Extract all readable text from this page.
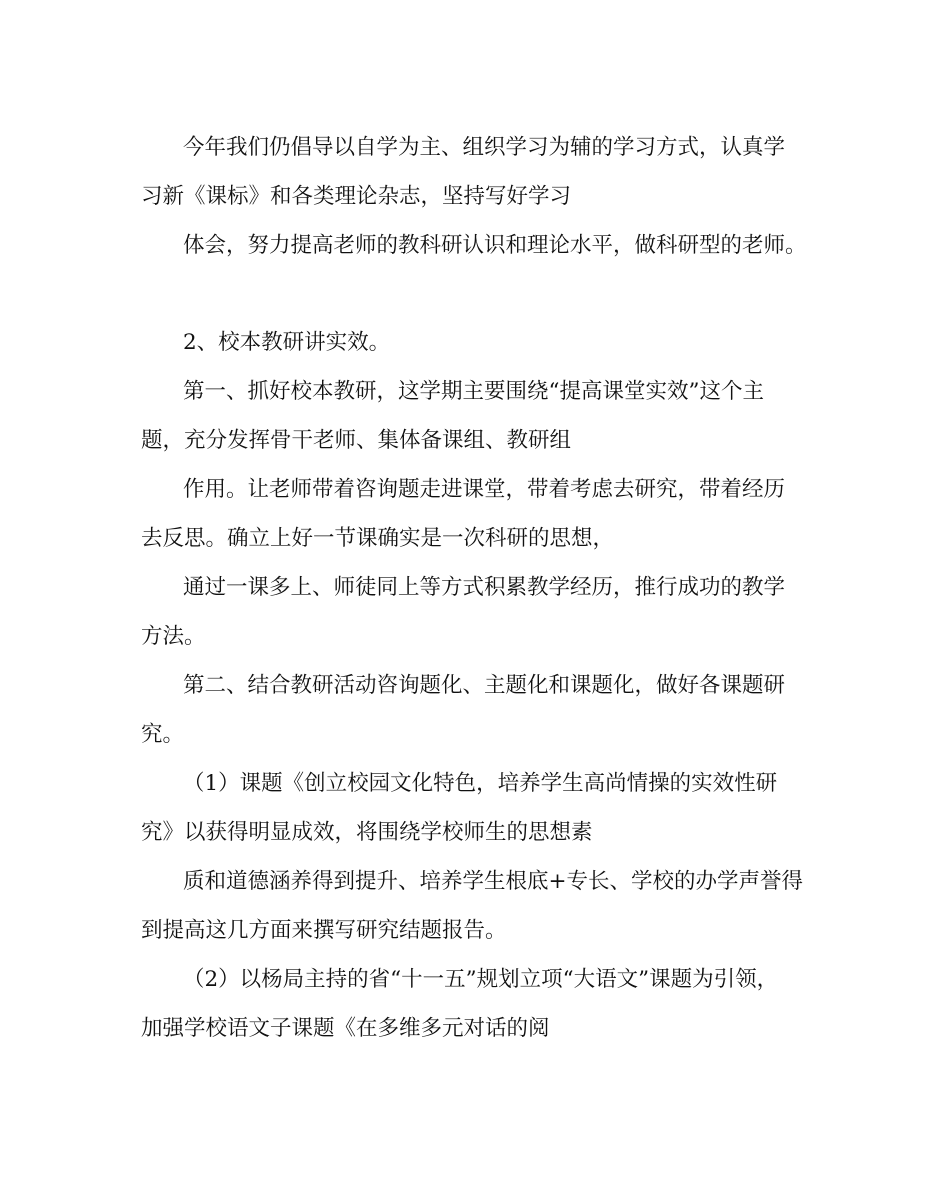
今年我们仍倡导以自学为主、组织学习为辅的学习方式，认真学

习新《课标》和各类理论杂志，坚持写好学习

体会，努力提高老师的教科研认识和理论水平，做科研型的老师。

2、校本教研讲实效。

第一、抓好校本教研，这学期主要围绕“提高课堂实效”这个主

题，充分发挥骨干老师、集体备课组、教研组

作用。让老师带着咨询题走进课堂，带着考虑去研究，带着经历

去反思。确立上好一节课确实是一次科研的思想，

通过一课多上、师徒同上等方式积累教学经历，推行成功的教学

方法。

第二、结合教研活动咨询题化、主题化和课题化，做好各课题研

究。

（1）课题《创立校园文化特色，培养学生高尚情操的实效性研

究》以获得明显成效，将围绕学校师生的思想素

质和道德涵养得到提升、培养学生根底+专长、学校的办学声誉得

到提高这几方面来撰写研究结题报告。

（2）以杨局主持的省“十一五”规划立项“大语文”课题为引领，

加强学校语文子课题《在多维多元对话的阅
